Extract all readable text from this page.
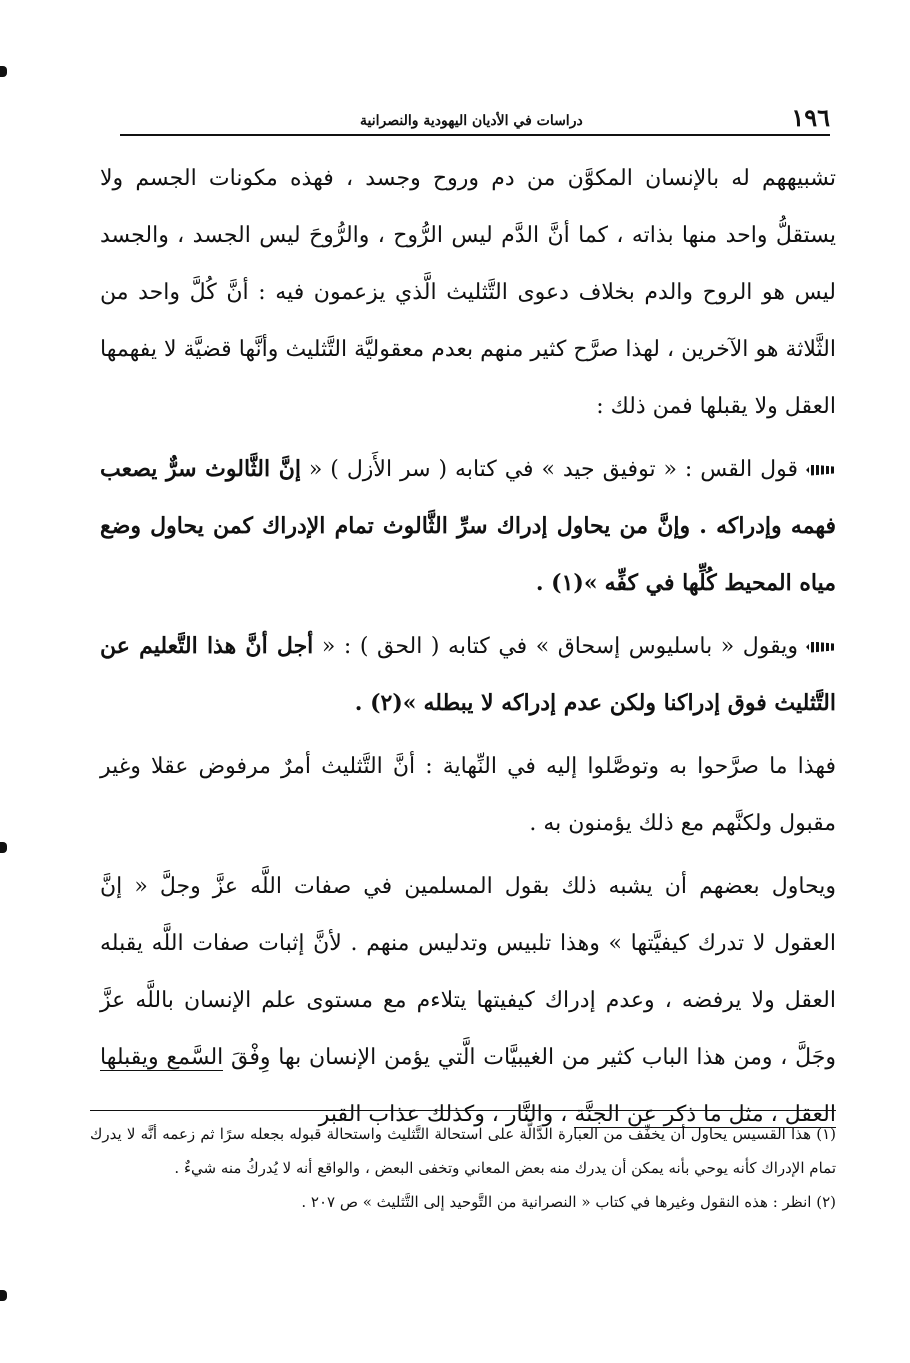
١٩٦
دراسات في الأديان اليهودية والنصرانية

تشبيههم له بالإنسان المكوَّن من دم وروح وجسد ، فهذه مكونات الجسم ولا يستقلُّ واحد منها بذاته ، كما أنَّ الدَّم ليس الرُّوح ، والرُّوحَ ليس الجسد ، والجسد ليس هو الروح والدم بخلاف دعوى التَّثليث الَّذي يزعمون فيه : أنَّ كُلَّ واحد من الثَّلاثة هو الآخرين ، لهذا صرَّح كثير منهم بعدم معقوليَّة التَّثليث وأنَّها قضيَّة لا يفهمها العقل ولا يقبلها فمن ذلك :

قول القس : « توفيق جيد » في كتابه ( سر الأَزل ) « إنَّ الثَّالوث سرٌّ يصعب فهمه وإدراكه . وإنَّ من يحاول إدراك سرِّ الثَّالوث تمام الإدراك كمن يحاول وضع مياه المحيط كُلِّها في كفِّه »(١) .

ويقول « باسليوس إسحاق » في كتابه ( الحق ) : « أجل أنَّ هذا التَّعليم عن التَّثليث فوق إدراكنا ولكن عدم إدراكه لا يبطله »(٢) .

فهذا ما صرَّحوا به وتوصَّلوا إليه في النِّهاية : أنَّ التَّثليث أمرٌ مرفوض عقلا وغير مقبول ولكنَّهم مع ذلك يؤمنون به .

ويحاول بعضهم أن يشبه ذلك بقول المسلمين في صفات اللَّه عزَّ وجلَّ « إنَّ العقول لا تدرك كيفيَّتها » وهذا تلبيس وتدليس منهم . لأنَّ إثبات صفات اللَّه يقبله العقل ولا يرفضه ، وعدم إدراك كيفيتها يتلاءم مع مستوى علم الإنسان باللَّه عزَّ وجَلَّ ، ومن هذا الباب كثير من الغيبيَّات الَّتي يؤمن الإنسان بها وِفْقَ السَّمع ويقبلها العقل ، مثل ما ذكر عن الجنَّة ، والنَّار ، وكذلك عذاب القبر

(١) هذا القسيس يحاول أن يخفِّف من العبارة الدَّالَّة على استحالة التَّثليث واستحالة قبوله بجعله سرًا ثم زعمه أنَّه لا يدرك تمام الإدراك كأنه يوحي بأنه يمكن أن يدرك منه بعض المعاني وتخفى البعض ، والواقع أنه لا يُدركُ منه شيءٌ .

(٢) انظر : هذه النقول وغيرها في كتاب « النصرانية من التَّوحيد إلى التَّثليث » ص ٢٠٧ .
